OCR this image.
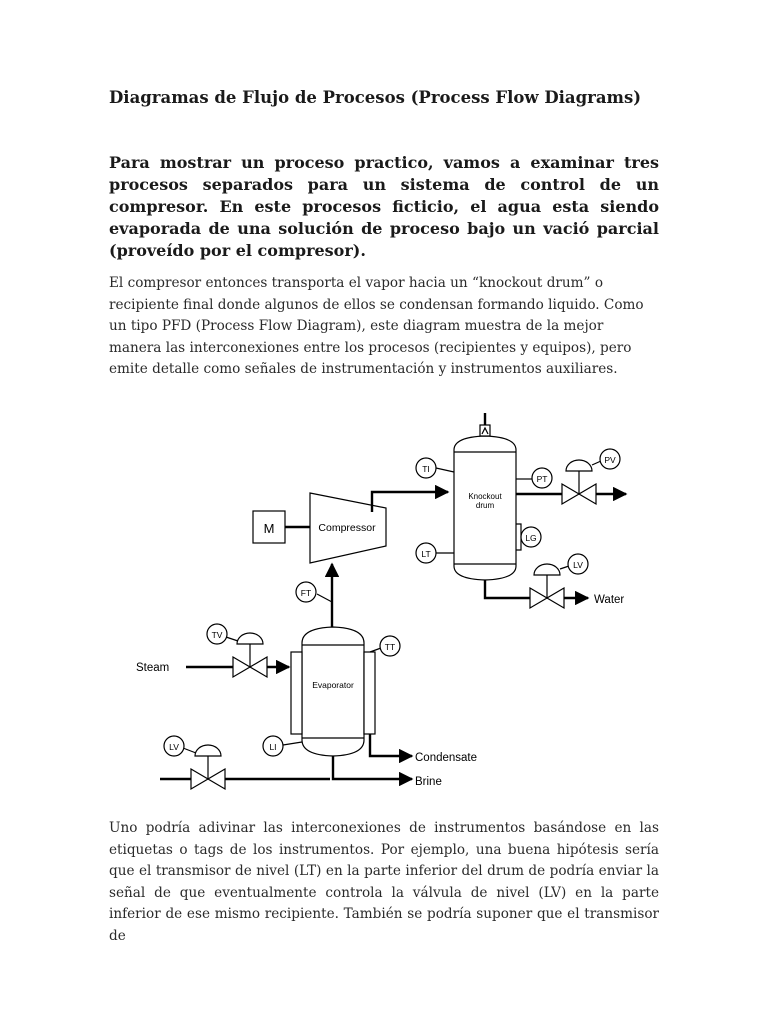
Diagramas de Flujo de Procesos (Process Flow Diagrams)

Para mostrar un proceso practico, vamos a examinar tres procesos separados para un sistema de control de un compresor. En este procesos ficticio, el agua esta siendo evaporada de una solución de proceso bajo un vació parcial (proveído por el compresor).

El compresor entonces transporta el vapor hacia un “knockout drum” o recipiente final donde algunos de ellos se condensan formando liquido. Como un tipo PFD (Process Flow Diagram), este diagram muestra de la mejor manera las interconexiones entre los procesos (recipientes y equipos), pero emite detalle como señales de instrumentación y instrumentos auxiliares.

M	Compressor
FT
Knockout
drum
TI
PT
PV
LG
LT
LV
Water
Evaporator
TV
Steam
TT
LI
Condensate
Brine
LV

Uno podría adivinar las interconexiones de instrumentos basándose en las etiquetas o tags de los instrumentos. Por ejemplo, una buena hipótesis sería que el transmisor de nivel (LT) en la parte inferior del drum de podría enviar la señal de que eventualmente controla la válvula de nivel (LV) en la parte inferior de ese mismo recipiente. También se podría suponer que el transmisor de
